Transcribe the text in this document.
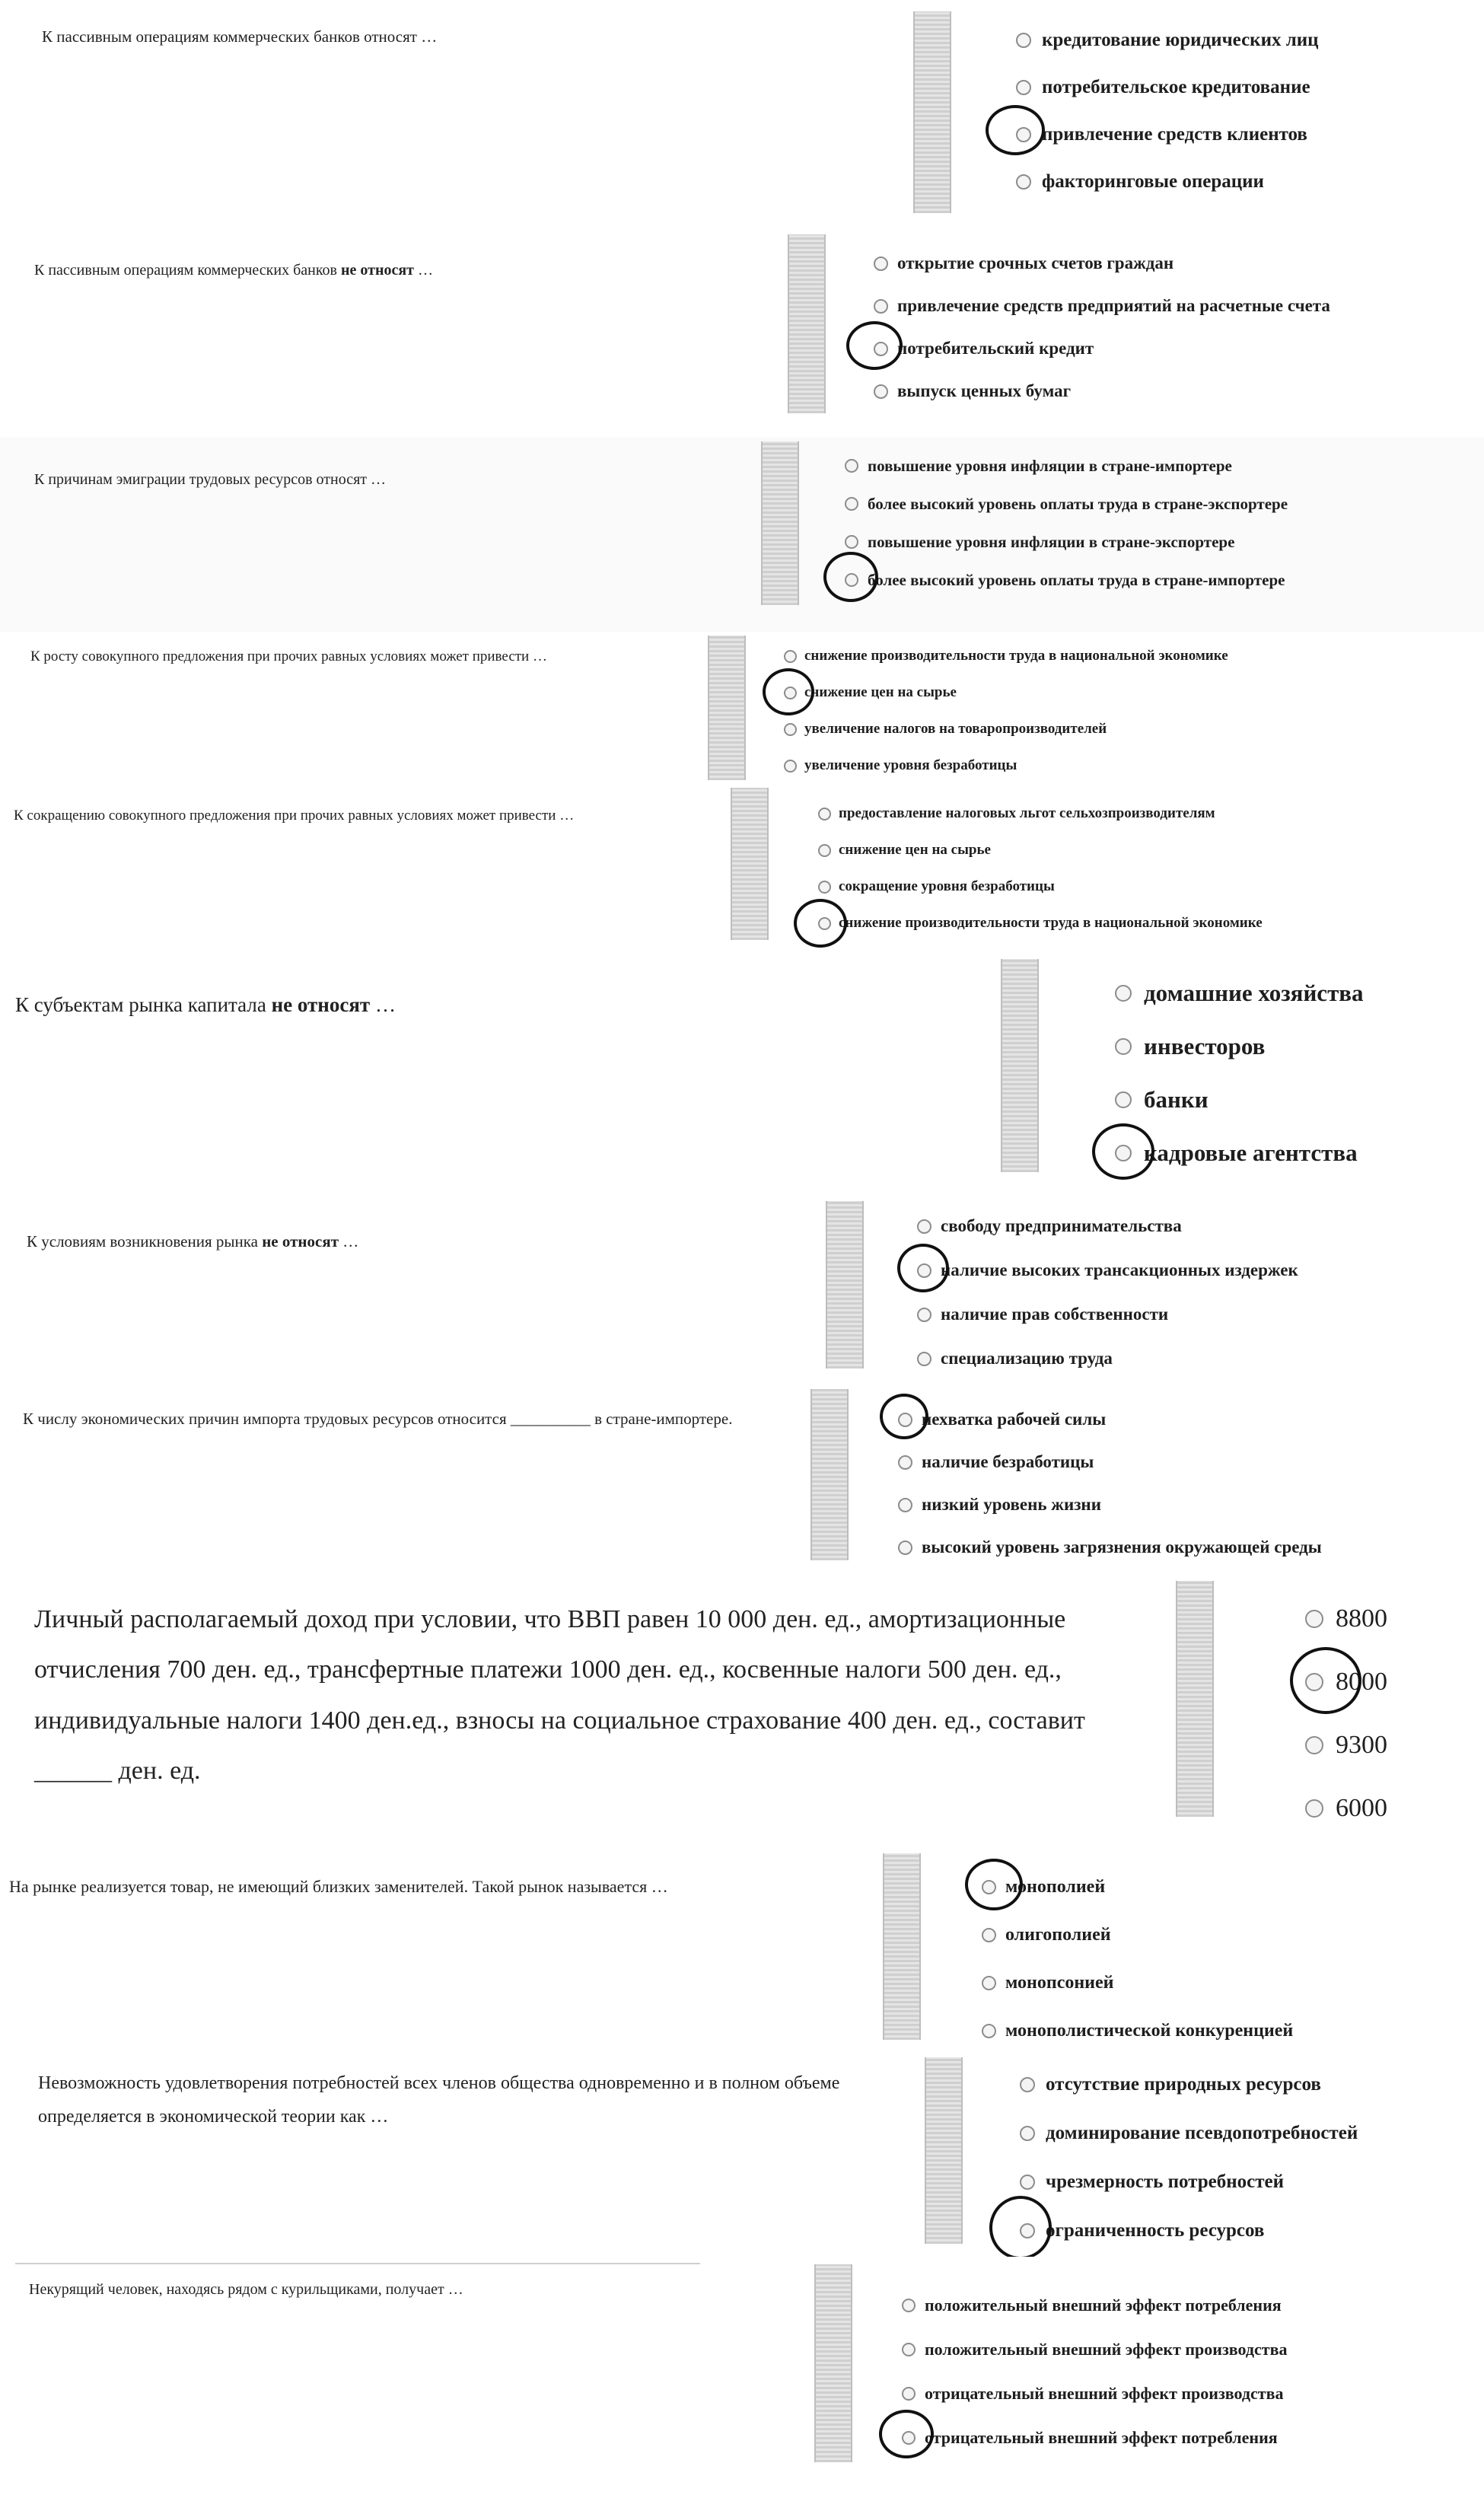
К пассивным операциям коммерческих банков относят …	кредитование юридических лиц
потребительское кредитование
привлечение средств клиентов
факторинговые операции
К пассивным операциям коммерческих банков не относят …	открытие срочных счетов граждан
привлечение средств предприятий на расчетные счета
потребительский кредит
выпуск ценных бумаг
К причинам эмиграции трудовых ресурсов относят …
повышение уровня инфляции в стране-импортере
более высокий уровень оплаты труда в стране-экспортере
повышение уровня инфляции в стране-экспортере
более высокий уровень оплаты труда в стране-импортере
К росту совокупного предложения при прочих равных условиях может привести …	снижение производительности труда в национальной экономике
снижение цен на сырье
увеличение налогов на товаропроизводителей
увеличение уровня безработицы
К сокращению совокупного предложения при прочих равных условиях может привести …	предоставление налоговых льгот сельхозпроизводителям
снижение цен на сырье
сокращение уровня безработицы
снижение производительности труда в национальной экономике
К субъектам рынка капитала не относят …	домашние хозяйства
инвесторов
банки
кадровые агентства
К условиям возникновения рынка не относят …
свободу предпринимательства
наличие высоких трансакционных издержек
наличие прав собственности
специализацию труда
К числу экономических причин импорта трудовых ресурсов относится __________ в стране-импортере.	нехватка рабочей силы
наличие безработицы
низкий уровень жизни
высокий уровень загрязнения окружающей среды
Личный располагаемый доход при условии, что ВВП равен 10 000 ден. ед., амортизационные отчисления 700 ден. ед., трансфертные платежи 1000 ден. ед., косвенные налоги 500 ден. ед., индивидуальные налоги 1400 ден.ед., взносы на социальное страхование 400 ден. ед., составит ______ ден. ед.
8800
8000
9300
6000
На рынке реализуется товар, не имеющий близких заменителей. Такой рынок называется …	монополией
олигополией
монопсонией
монополистической конкуренцией
Невозможность удовлетворения потребностей всех членов общества одновременно и в полном объеме определяется в экономической теории как …
отсутствие природных ресурсов
доминирование псевдопотребностей
чрезмерность потребностей
ограниченность ресурсов
Некурящий человек, находясь рядом с курильщиками, получает …
положительный внешний эффект потребления
положительный внешний эффект производства
отрицательный внешний эффект производства
отрицательный внешний эффект потребления
